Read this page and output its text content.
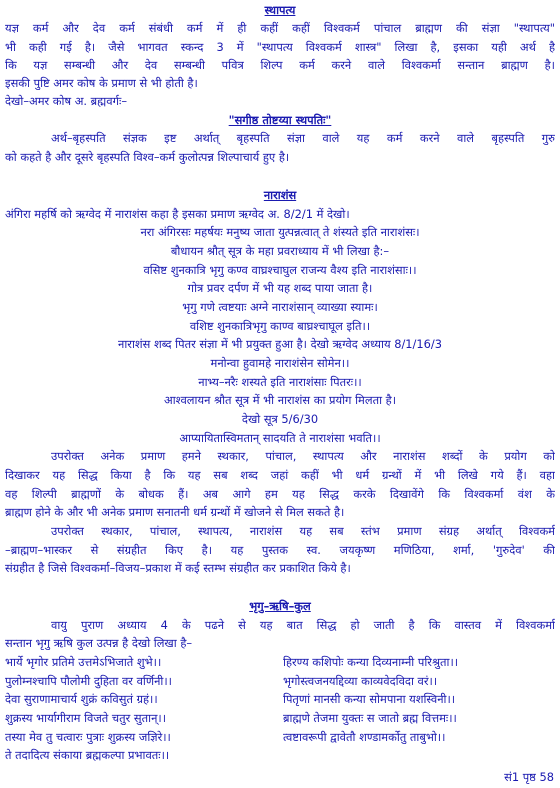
स्थापत्य
यज्ञ कर्म और देव कर्म संबंधी कर्म में ही कहीं कहीं विश्वकर्म पांचाल ब्राह्मण की संज्ञा "स्थापत्य"
भी कही गई है। जैसे भागवत स्कन्द 3 में "स्थापत्य विश्वकर्म शास्त्र" लिखा है, इसका यही अर्थ है
कि यज्ञ सम्बन्धी और देव सम्बन्धी पवित्र शिल्प कर्म करने वाले विश्वकर्मा सन्तान ब्राह्मण है।
इसकी पुष्टि अमर कोष के प्रमाण से भी होती है।
देखो–अमर कोष अ. ब्रह्मवर्गः–
"सगीष्ठ तोष्टय्या स्थपतिः"
अर्थ–बृहस्पति संज्ञक इष्ट अर्थात् बृहस्पति संज्ञा वाले यह कर्म करने वाले बृहस्पति गुरु
को कहते है और दूसरे बृहस्पति विश्व–कर्म कुलोत्पन्न शिल्पाचार्य हुए है।
नाराशंस
अंगिरा महर्षि को ऋग्वेद में नाराशंस कहा है इसका प्रमाण ऋग्वेद अ. 8/2/1 में देखो।
नरा अंगिरसः महर्षयः मनुष्य जाता युत्पन्नत्वात् ते शंस्यते इति नाराशंसः।
बौधायन श्रौत् सूत्र के महा प्रवराध्याय में भी लिखा है:–
वसिष्ट शुनकात्रि भृगु कण्व वाघ्रश्चाघुल राजन्य वैश्य इति नाराशंसाः।।
गोत्र प्रवर दर्पण में भी यह शब्द पाया जाता है।
भृगु गणे त्वष्टयाः अग्ने नाराशंसान् व्याख्या स्यामः।
वशिष्ट शुनकात्रिभृगु काण्व बाघ्रश्चाघूल इति।।
नाराशंस शब्द पितर संज्ञा में भी प्रयुक्त हुआ है। देखो ऋग्वेद अध्याय 8/1/16/3
मनोन्वा हुवामहे नाराशंसेन सोमेन।।
नाभ्य–नरैः शस्यते इति नाराशंसाः पितरः।।
आश्वलायन श्रौत सूत्र में भी नाराशंस का प्रयोग मिलता है।
देखो सूत्र 5/6/30
आप्यायितास्विमतान् सादयति ते नाराशंसा भवति।।
उपरोक्त अनेक प्रमाण हमने स्थकार, पांचाल, स्थापत्य और नाराशंस शब्दों के प्रयोग को
दिखाकर यह सिद्ध किया है कि यह सब शब्द जहां कहीं भी धर्म ग्रन्थों में भी लिखे गये हैं। वहा
वह शिल्पी ब्राह्मणों के बोधक हैं। अब आगे हम यह सिद्ध करके दिखावेंगे कि विश्वकर्मा वंश के
ब्राह्मण होने के और भी अनेक प्रमाण सनातनी धर्म ग्रन्थों में खोजने से मिल सकते है।
उपरोक्त स्थकार, पांचाल, स्थापत्य, नाराशंस यह सब स्तंभ प्रमाण संग्रह अर्थात् विश्वकर्म
–ब्राह्मण–भास्कर से संग्रहीत किए है। यह पुस्तक स्व. जयकृष्ण मणिठिया, शर्मा, 'गुरुदेव' की
संग्रहीत है जिसे विश्वकर्मा–विजय–प्रकाश में कई स्तम्भ संग्रहीत कर प्रकाशित किये है।
भृगु–ऋषि–कुल
वायु पुराण अध्याय 4 के पढने से यह बात सिद्ध हो जाती है कि वास्तव में विश्वकर्मा
सन्तान भृगु ऋषि कुल उत्पन्न है देखो लिखा है–
भार्ये भृगोर प्रतिमे उत्तमेऽभिजाते शुभे।।
पुलोम्नश्चापि पौलोमी दुहिता वर वर्णिनी।।
देवा सुराणामाचार्य शुक्रं कविसुतं ग्रहं।।
शुक्रस्य भार्यागीराम विजते चतुर सुतान्।।
तस्या मेव तु चत्वारः पुत्राः शुक्रस्य जज्ञिरे।।
ते तदादित्य संकाया ब्रह्मकल्पा प्रभावतः।।
हिरण्य कशिपोः कन्या दिव्यनाम्नी परिश्रुता।।
भृगोस्त्वजनयद्दिव्या काव्यवेदविदा वरं।।
पितृणां मानसी कन्या सोमपाना यशस्विनी।।
ब्राह्मणे तेजमा युक्तः स जातो ब्रह्म वित्तमः।।
त्वष्टावरूपी द्वावेतौ शण्डामर्कोतु ताबुभो।।
सं1 पृष्ठ 58
